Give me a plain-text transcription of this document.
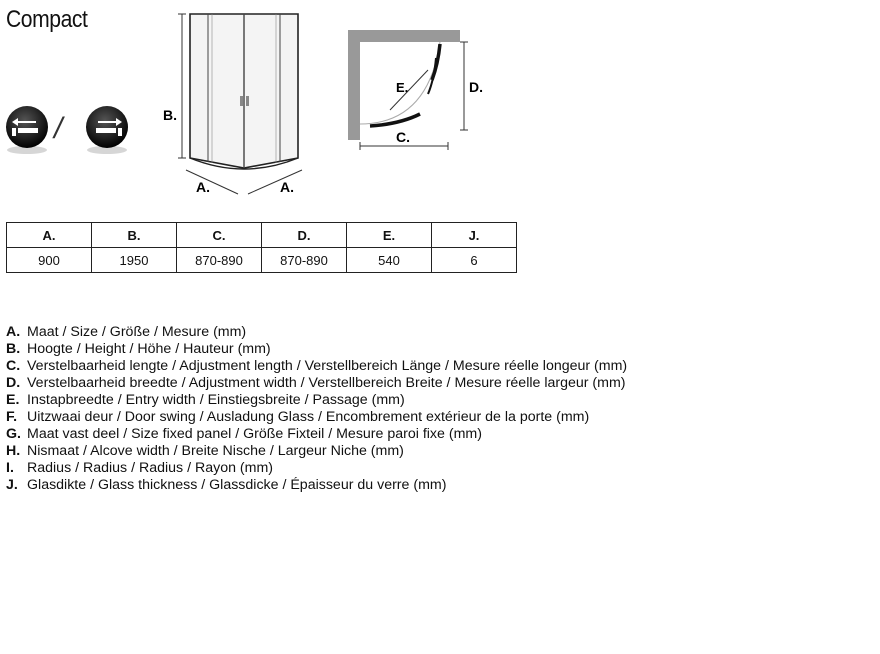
Compact
/	B.
A.	A.
E.	D.
C.
A.	B.	C.	D.	E.	J.
900	1950	870-890	870-890	540	6
A. Maat / Size / Größe / Mesure (mm)
B. Hoogte / Height / Höhe / Hauteur (mm)
C. Verstelbaarheid lengte / Adjustment length / Verstellbereich Länge / Mesure réelle longeur (mm)
D. Verstelbaarheid breedte / Adjustment width / Verstellbereich Breite / Mesure réelle largeur (mm)
E. Instapbreedte / Entry width / Einstiegsbreite / Passage (mm)
F. Uitzwaai deur / Door swing / Ausladung Glass / Encombrement extérieur de la porte (mm)
G. Maat vast deel / Size fixed panel / Größe Fixteil / Mesure paroi fixe (mm)
H. Nismaat / Alcove width / Breite Nische / Largeur Niche (mm)
I. Radius / Radius / Radius / Rayon (mm)
J. Glasdikte / Glass thickness / Glassdicke / Épaisseur du verre (mm)
